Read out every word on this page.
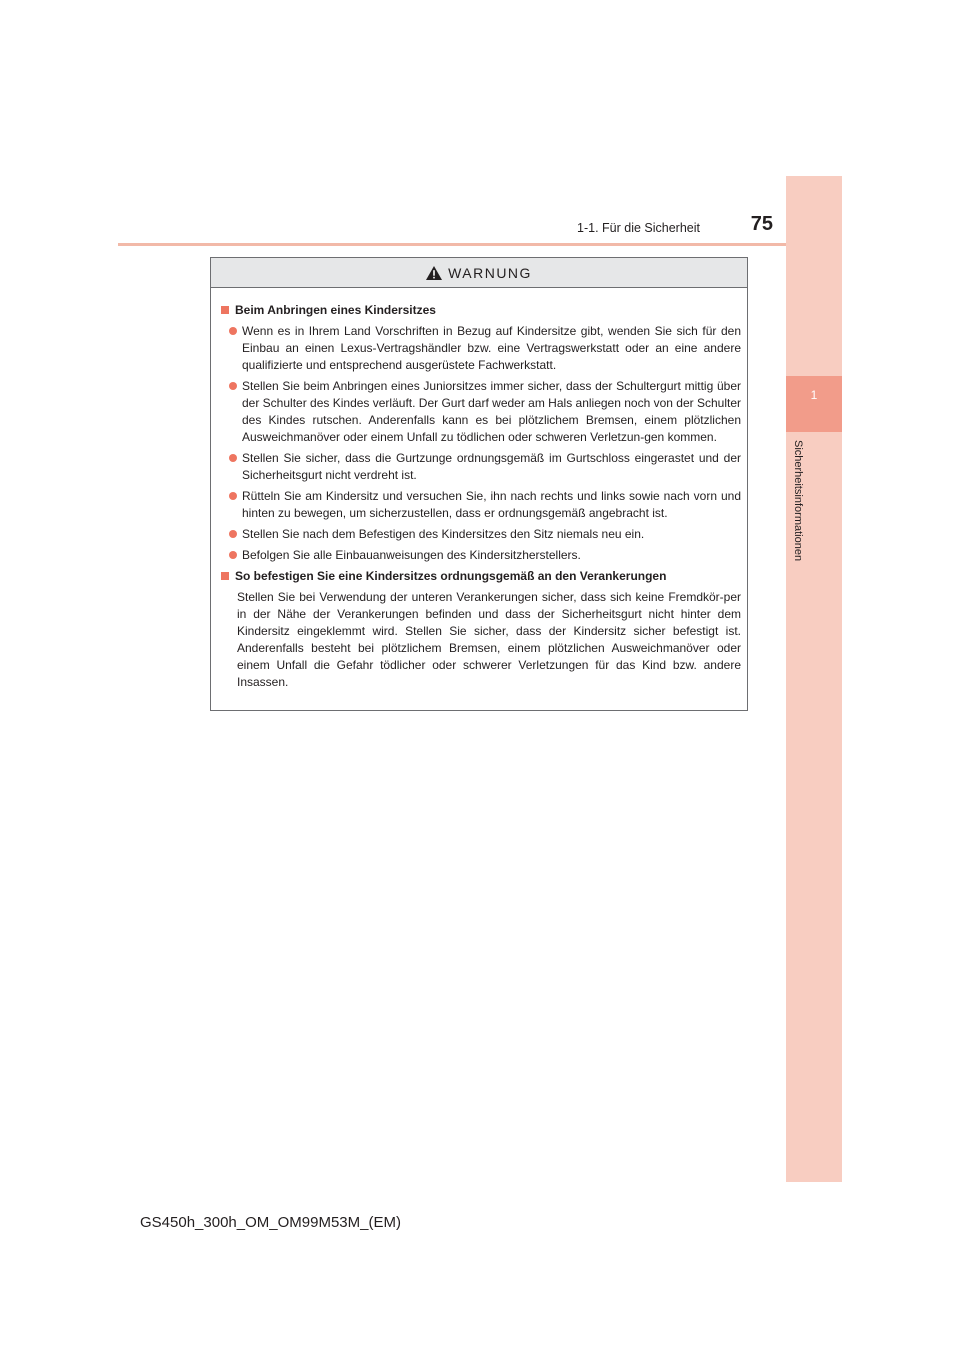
1-1. Für die Sicherheit	75
1
Sicherheitsinformationen
WARNUNG
Beim Anbringen eines Kindersitzes
Wenn es in Ihrem Land Vorschriften in Bezug auf Kindersitze gibt, wenden Sie sich für den Einbau an einen Lexus-Vertragshändler bzw. eine Vertragswerkstatt oder an eine andere qualifizierte und entsprechend ausgerüstete Fachwerkstatt.
Stellen Sie beim Anbringen eines Juniorsitzes immer sicher, dass der Schultergurt mittig über der Schulter des Kindes verläuft. Der Gurt darf weder am Hals anliegen noch von der Schulter des Kindes rutschen. Anderenfalls kann es bei plötzlichem Bremsen, einem plötzlichen Ausweichmanöver oder einem Unfall zu tödlichen oder schweren Verletzun-gen kommen.
Stellen Sie sicher, dass die Gurtzunge ordnungsgemäß im Gurtschloss eingerastet und der Sicherheitsgurt nicht verdreht ist.
Rütteln Sie am Kindersitz und versuchen Sie, ihn nach rechts und links sowie nach vorn und hinten zu bewegen, um sicherzustellen, dass er ordnungsgemäß angebracht ist.
Stellen Sie nach dem Befestigen des Kindersitzes den Sitz niemals neu ein.
Befolgen Sie alle Einbauanweisungen des Kindersitzherstellers.
So befestigen Sie eine Kindersitzes ordnungsgemäß an den Verankerungen

Stellen Sie bei Verwendung der unteren Verankerungen sicher, dass sich keine Fremdkör-per in der Nähe der Verankerungen befinden und dass der Sicherheitsgurt nicht hinter dem Kindersitz eingeklemmt wird. Stellen Sie sicher, dass der Kindersitz sicher befestigt ist. Anderenfalls besteht bei plötzlichem Bremsen, einem plötzlichen Ausweichmanöver oder einem Unfall die Gefahr tödlicher oder schwerer Verletzungen für das Kind bzw. andere Insassen.

GS450h_300h_OM_OM99M53M_(EM)
